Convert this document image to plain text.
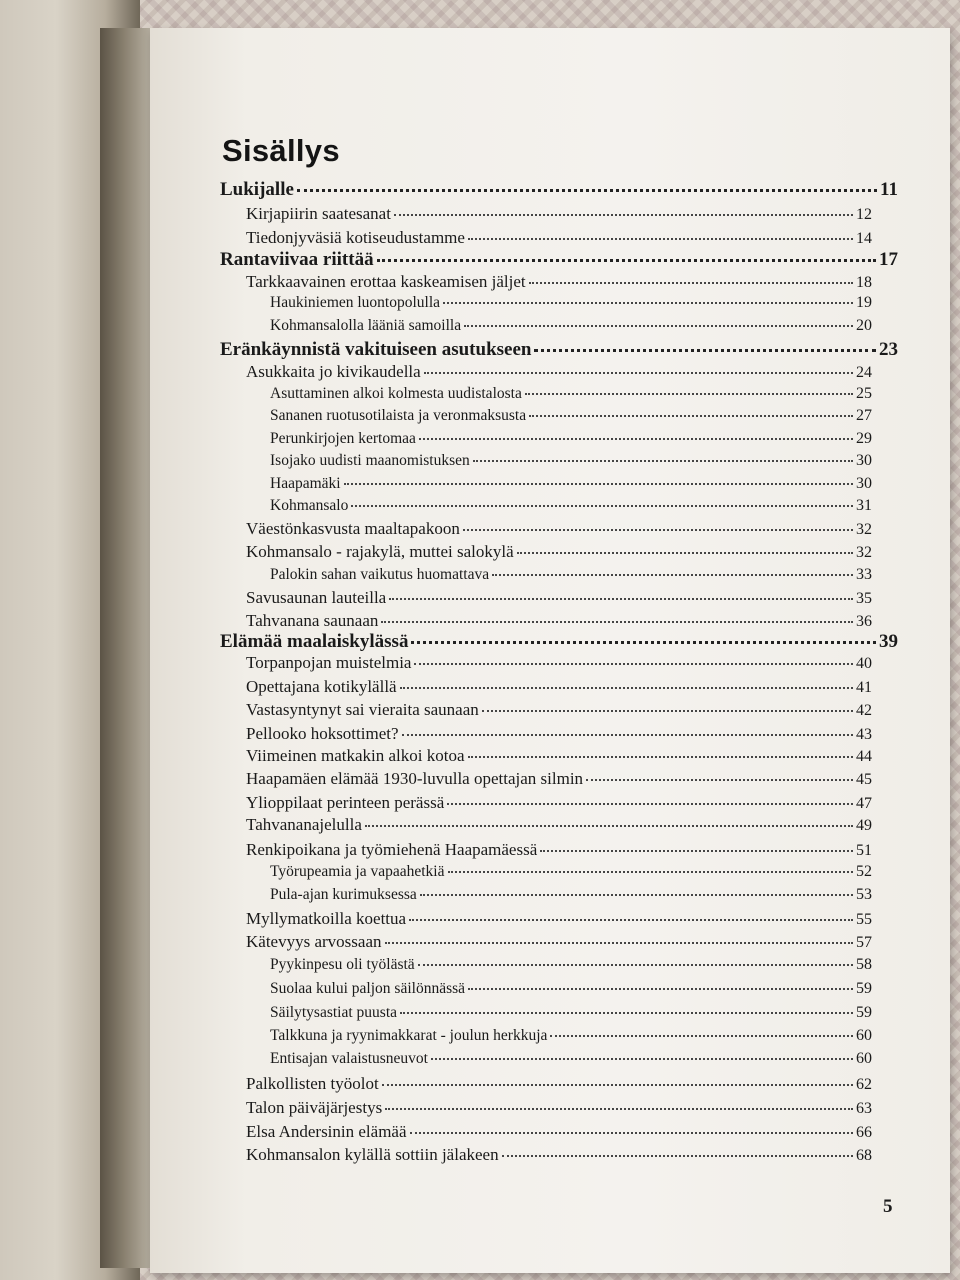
Sisällys
Lukijalle	11
Kirjapiirin saatesanat	12
Tiedonjyväsiä kotiseudustamme	14
Rantaviivaa riittää	17
Tarkkaavainen erottaa kaskeamisen jäljet	18
Haukiniemen luontopolulla	19
Kohmansalolla lääniä samoilla	20
Eränkäynnistä vakituiseen asutukseen	23
Asukkaita jo kivikaudella	24
Asuttaminen alkoi kolmesta uudistalosta	25
Sananen ruotusotilaista ja veronmaksusta	27
Perunkirjojen kertomaa	29
Isojako uudisti maanomistuksen	30
Haapamäki	30
Kohmansalo	31
Väestönkasvusta maaltapakoon	32
Kohmansalo - rajakylä, muttei salokylä	32
Palokin sahan vaikutus huomattava	33
Savusaunan lauteilla	35
Tahvanana saunaan	36
Elämää maalaiskylässä	39
Torpanpojan muistelmia	40
Opettajana kotikylällä	41
Vastasyntynyt sai vieraita saunaan	42
Pellooko hoksottimet?	43
Viimeinen matkakin alkoi kotoa	44
Haapamäen elämää 1930-luvulla opettajan silmin	45
Ylioppilaat perinteen perässä	47
Tahvananajelulla	49
Renkipoikana ja työmiehenä Haapamäessä	51
Työrupeamia ja vapaahetkiä	52
Pula-ajan kurimuksessa	53
Myllymatkoilla koettua	55
Kätevyys arvossaan	57
Pyykinpesu oli työlästä	58
Suolaa kului paljon säilönnässä	59
Säilytysastiat puusta	59
Talkkuna ja ryynimakkarat - joulun herkkuja	60
Entisajan valaistusneuvot	60
Palkollisten työolot	62
Talon päiväjärjestys	63
Elsa Andersinin elämää	66
Kohmansalon kylällä sottiin jälakeen	68
5
